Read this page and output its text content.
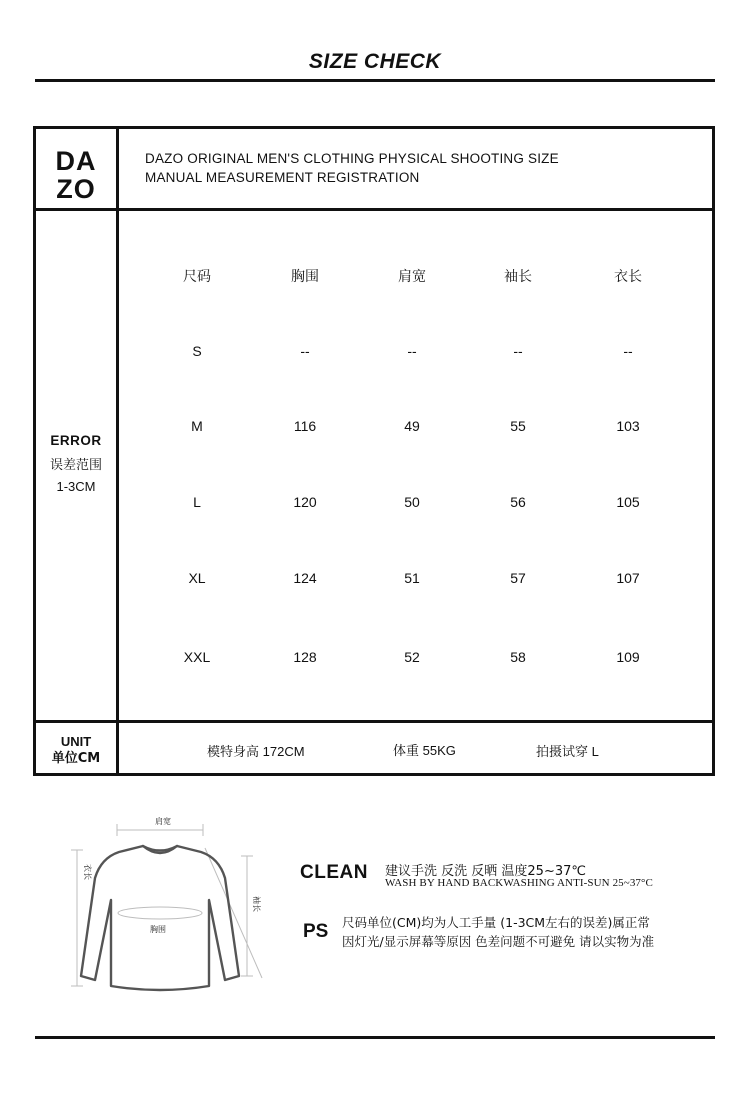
SIZE CHECK
DA
ZO
DAZO ORIGINAL MEN'S CLOTHING PHYSICAL SHOOTING SIZE
MANUAL MEASUREMENT REGISTRATION
ERROR
误差范围
1-3CM
尺码	胸围	肩宽	袖长	衣长
S	--	--	--	--
M	116	49	55	103
L	120	50	56	105
XL	124	51	57	107
XXL	128	52	58	109
UNIT
单位CM	模特身高 172CM	体重 55KG	拍摄试穿 L
肩宽
胸围
衣长
袖长
CLEAN 建议手洗 反洗 反晒 温度25~37℃
WASH BY HAND BACKWASHING ANTI-SUN 25~37°C
PS 尺码单位(CM)均为人工手量 (1-3CM左右的误差)属正常
因灯光/显示屏幕等原因 色差问题不可避免 请以实物为准
